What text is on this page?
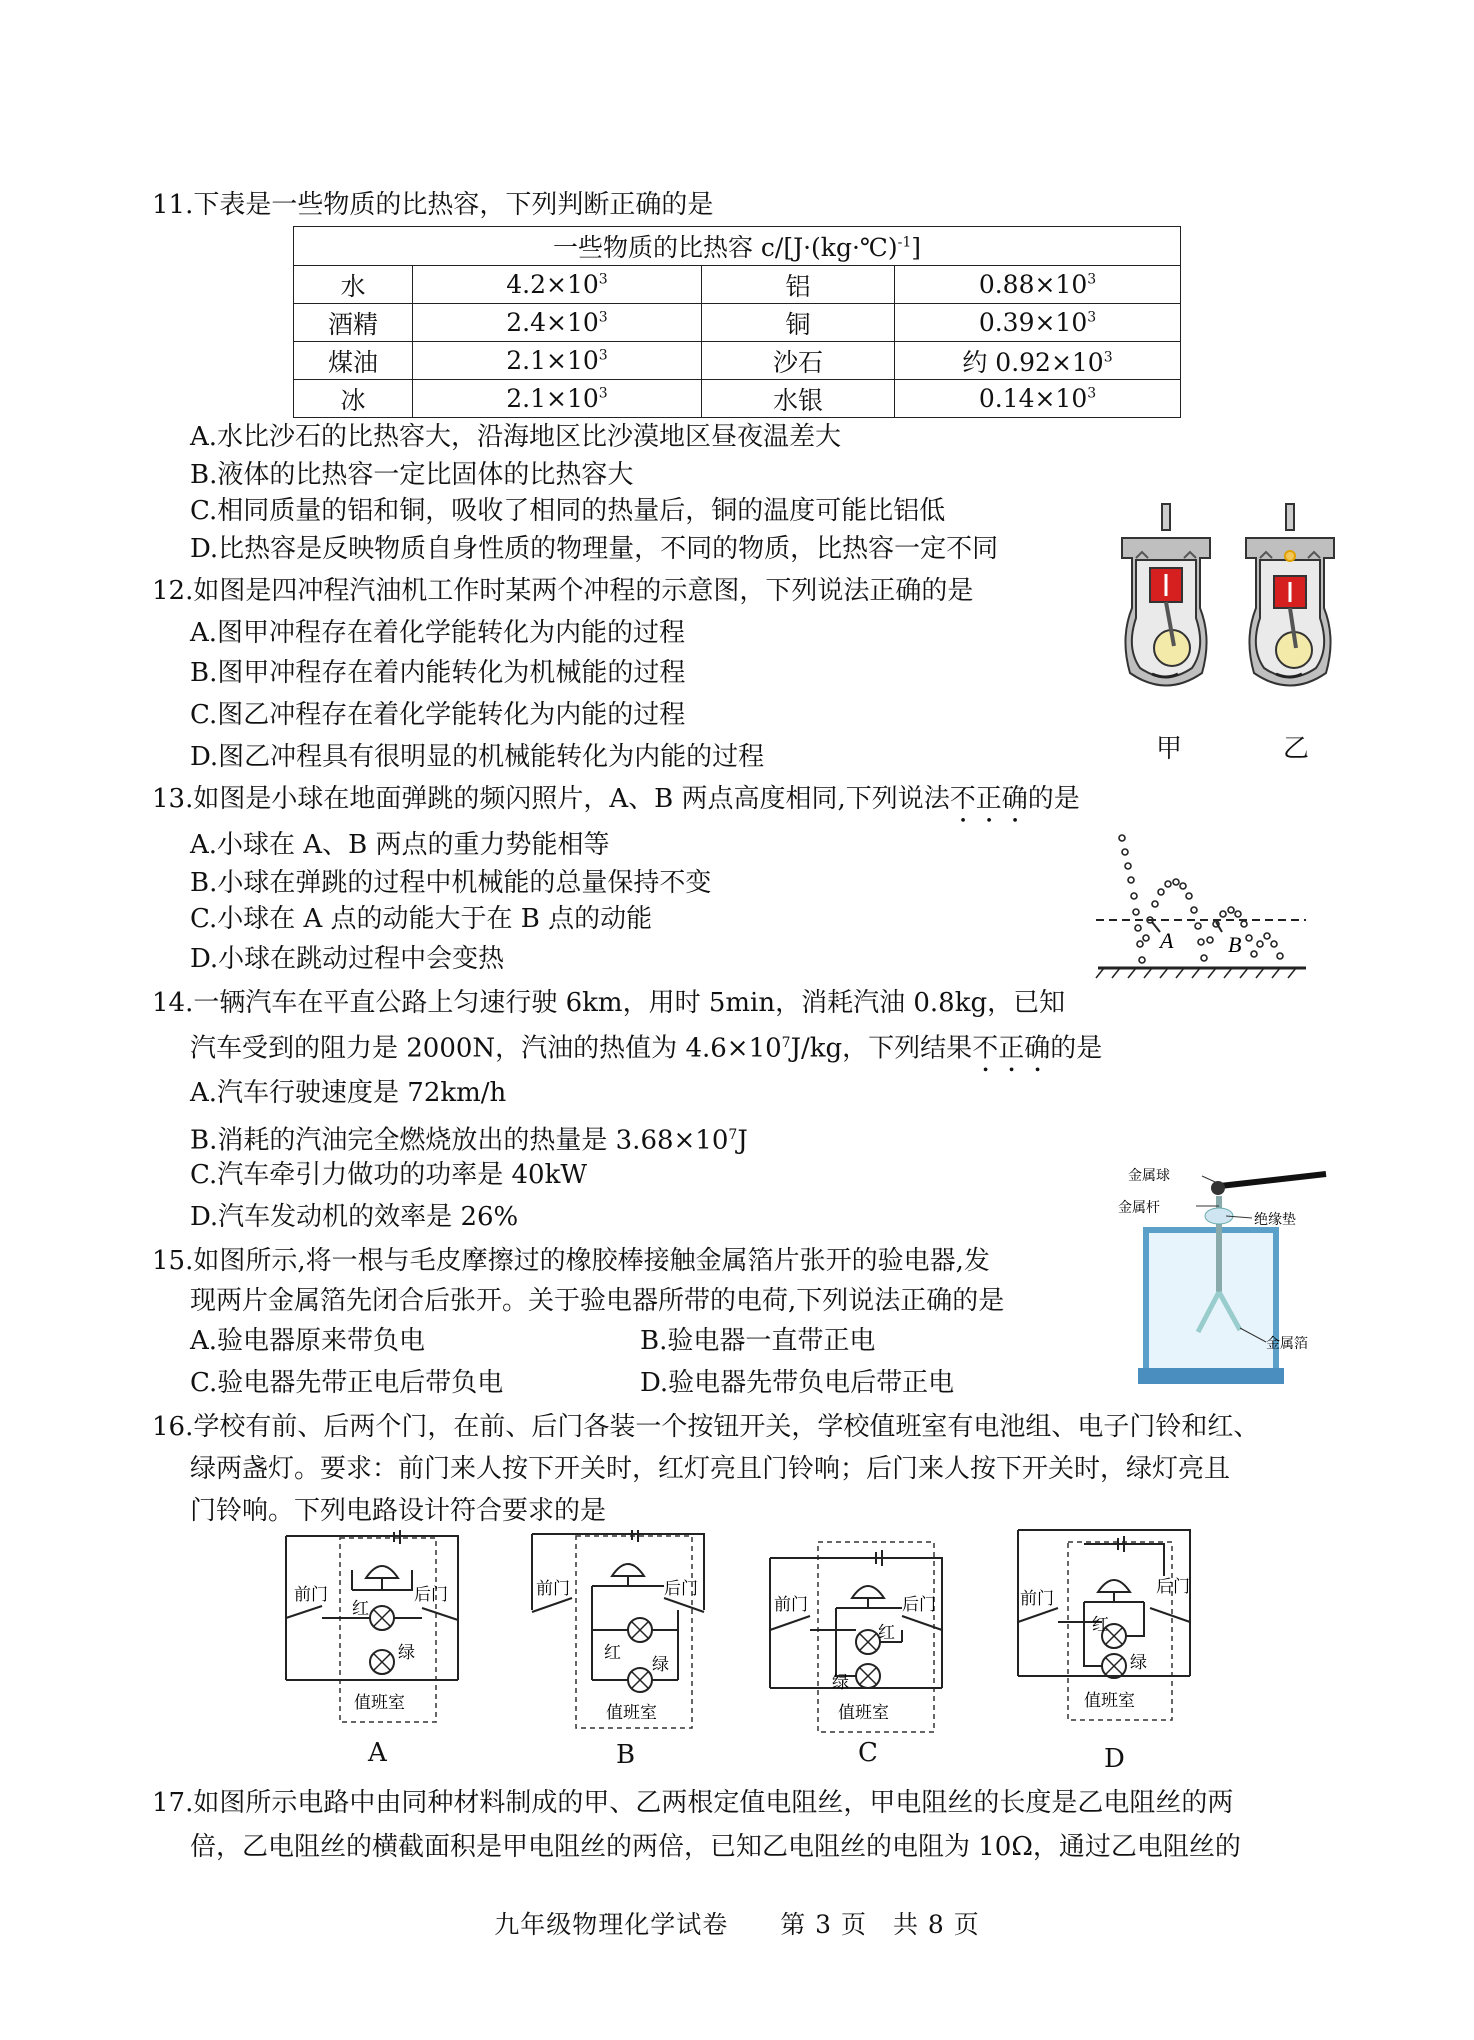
11.下表是一些物质的比热容，下列判断正确的是
一些物质的比热容 c/[J·(kg·℃)$^{-1}$]			
水	$4.2\times 10^3$	铝	$0.88\times 10^3$
酒精	$2.4\times 10^3$	铜	$0.39\times 10^3$
煤油	$2.1\times 10^3$	沙石	约 $0.92\times 10^3$
冰	$2.1\times 10^3$	水银	$0.14\times 10^3$
A.水比沙石的比热容大，沿海地区比沙漠地区昼夜温差大
B.液体的比热容一定比固体的比热容大
C.相同质量的铝和铜，吸收了相同的热量后，铜的温度可能比铝低
D.比热容是反映物质自身性质的物理量，不同的物质，比热容一定不同
12.如图是四冲程汽油机工作时某两个冲程的示意图，下列说法正确的是
A.图甲冲程存在着化学能转化为内能的过程
B.图甲冲程存在着内能转化为机械能的过程
C.图乙冲程存在着化学能转化为内能的过程
D.图乙冲程具有很明显的机械能转化为内能的过程	甲	乙
13.如图是小球在地面弹跳的频闪照片，A、B 两点高度相同,下列说法不正确的是
A.小球在 A、B 两点的重力势能相等
B.小球在弹跳的过程中机械能的总量保持不变
C.小球在 A 点的动能大于在 B 点的动能
D.小球在跳动过程中会变热
A B
14.一辆汽车在平直公路上匀速行驶 6km，用时 5min，消耗汽油 0.8kg，已知
汽车受到的阻力是 2000N，汽油的热值为 $4.6\times 10^7J/kg$，下列结果不正确的是
A.汽车行驶速度是 72km/h
B.消耗的汽油完全燃烧放出的热量是 $3.68\times 10^7J$
C.汽车牵引力做功的功率是 40kW
D.汽车发动机的效率是 26%
金属球
金属杆
绝缘垫
金属箔
15.如图所示,将一根与毛皮摩擦过的橡胶棒接触金属箔片张开的验电器,发
现两片金属箔先闭合后张开。关于验电器所带的电荷,下列说法正确的是
A.验电器原来带负电	B.验电器一直带正电
C.验电器先带正电后带负电	D.验电器先带负电后带正电
16.学校有前、后两个门，在前、后门各装一个按钮开关，学校值班室有电池组、电子门铃和红、
绿两盏灯。要求：前门来人按下开关时，红灯亮且门铃响；后门来人按下开关时，绿灯亮且
门铃响。下列电路设计符合要求的是
前门	后门
红
绿
值班室
A
前门	后门
红
绿
值班室
B
前门	后门
红
绿
值班室
C
前门
后门
红
绿
值班室
D
17.如图所示电路中由同种材料制成的甲、乙两根定值电阻丝，甲电阻丝的长度是乙电阻丝的两
倍，乙电阻丝的横截面积是甲电阻丝的两倍，已知乙电阻丝的电阻为 10Ω，通过乙电阻丝的
九年级物理化学试卷　　第 3 页　共 8 页
